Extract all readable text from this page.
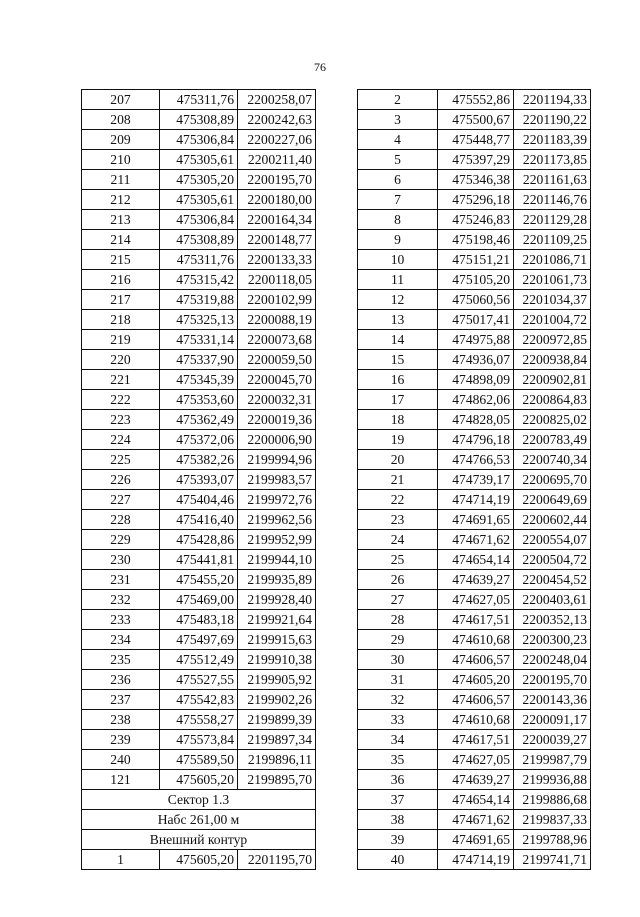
76
207	475311,76	2200258,07
208	475308,89	2200242,63
209	475306,84	2200227,06
210	475305,61	2200211,40
211	475305,20	2200195,70
212	475305,61	2200180,00
213	475306,84	2200164,34
214	475308,89	2200148,77
215	475311,76	2200133,33
216	475315,42	2200118,05
217	475319,88	2200102,99
218	475325,13	2200088,19
219	475331,14	2200073,68
220	475337,90	2200059,50
221	475345,39	2200045,70
222	475353,60	2200032,31
223	475362,49	2200019,36
224	475372,06	2200006,90
225	475382,26	2199994,96
226	475393,07	2199983,57
227	475404,46	2199972,76
228	475416,40	2199962,56
229	475428,86	2199952,99
230	475441,81	2199944,10
231	475455,20	2199935,89
232	475469,00	2199928,40
233	475483,18	2199921,64
234	475497,69	2199915,63
235	475512,49	2199910,38
236	475527,55	2199905,92
237	475542,83	2199902,26
238	475558,27	2199899,39
239	475573,84	2199897,34
240	475589,50	2199896,11
121	475605,20	2199895,70
Сектор 1.3		
Набс 261,00 м		
Внешний контур		
1	475605,20	2201195,70
2	475552,86	2201194,33
3	475500,67	2201190,22
4	475448,77	2201183,39
5	475397,29	2201173,85
6	475346,38	2201161,63
7	475296,18	2201146,76
8	475246,83	2201129,28
9	475198,46	2201109,25
10	475151,21	2201086,71
11	475105,20	2201061,73
12	475060,56	2201034,37
13	475017,41	2201004,72
14	474975,88	2200972,85
15	474936,07	2200938,84
16	474898,09	2200902,81
17	474862,06	2200864,83
18	474828,05	2200825,02
19	474796,18	2200783,49
20	474766,53	2200740,34
21	474739,17	2200695,70
22	474714,19	2200649,69
23	474691,65	2200602,44
24	474671,62	2200554,07
25	474654,14	2200504,72
26	474639,27	2200454,52
27	474627,05	2200403,61
28	474617,51	2200352,13
29	474610,68	2200300,23
30	474606,57	2200248,04
31	474605,20	2200195,70
32	474606,57	2200143,36
33	474610,68	2200091,17
34	474617,51	2200039,27
35	474627,05	2199987,79
36	474639,27	2199936,88
37	474654,14	2199886,68
38	474671,62	2199837,33
39	474691,65	2199788,96
40	474714,19	2199741,71
